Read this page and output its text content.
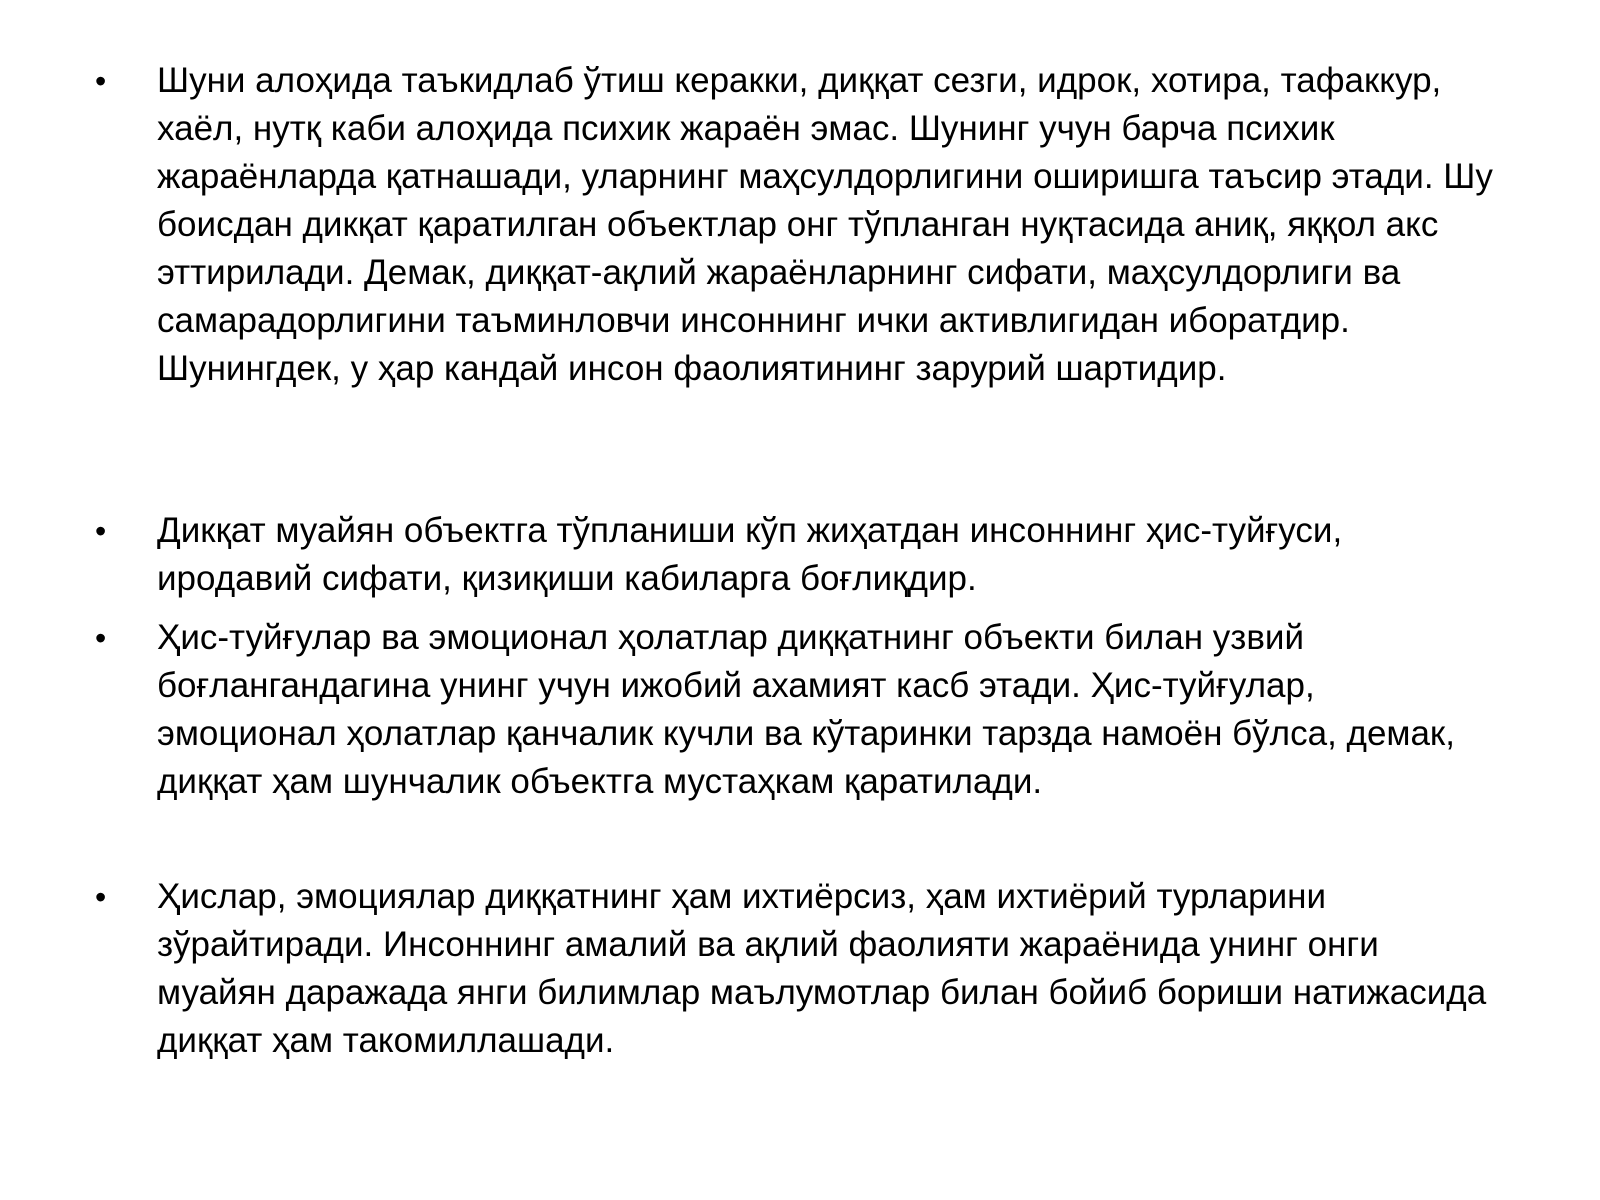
• Шуни алоҳида таъкидлаб ўтиш керакки, диққат сезги, идрок, хотира, тафаккур, хаёл, нутқ каби алоҳида психик жараён эмас. Шунинг учун барча психик жараёнларда қатнашади, уларнинг маҳсулдорлигини оширишга таъсир этади. Шу боисдан дикқат қаратилган объектлар онг тўпланган нуқтасида аниқ, яққол акс эттирилади. Демак, диққат-ақлий жараёнларнинг сифати, маҳсулдорлиги ва самарадорлигини таъминловчи инсоннинг ички активлигидан иборатдир. Шунингдек, у ҳар кандай инсон фаолиятининг зарурий шартидир.
• Дикқат муайян объектга тўпланиши кўп жиҳатдан инсоннинг ҳис-туйғуси, иродавий сифати, қизиқиши кабиларга боғлиқдир.
• Ҳис-туйғулар ва эмоционал ҳолатлар диққатнинг объекти билан узвий боғлангандагина унинг учун ижобий ахамият касб этади. Ҳис-туйғулар, эмоционал ҳолатлар қанчалик кучли ва кўтаринки тарзда намоён бўлса, демак, диққат ҳам шунчалик объектга мустаҳкам қаратилади.
• Ҳислар, эмоциялар диққатнинг ҳам ихтиёрсиз, ҳам ихтиёрий турларини зўрайтиради. Инсоннинг амалий ва ақлий фаолияти жараёнида унинг онги муайян даражада янги билимлар маълумотлар билан бойиб бориши натижасида диққат ҳам такомиллашади.
